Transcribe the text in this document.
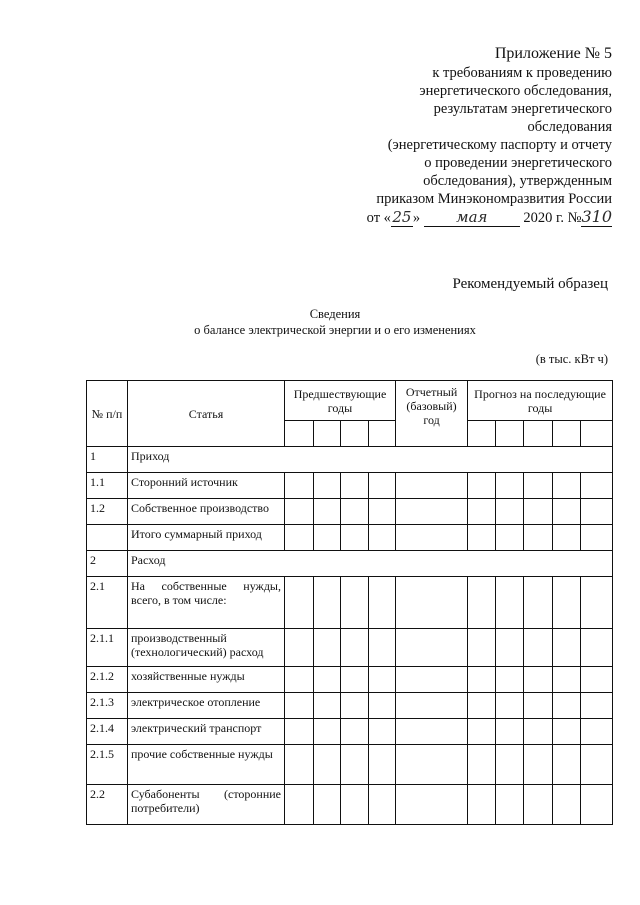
Приложение № 5
к требованиям к проведению
энергетического обследования,
результатам энергетического
обследования
(энергетическому паспорту и отчету
о проведении энергетического
обследования), утвержденным
приказом Минэкономразвития России
от «25» мая 2020 г. №310
Рекомендуемый образец
Сведения
о балансе электрической энергии и о его изменениях
(в тыс. кВт ч)
№ п/п	Статья	Предшествующие годы				Отчетный (базовый) год	Прогноз на последующие годы				

1	Приход										
1.1	Сторонний источник										
1.2	Собственное производство										
	Итого суммарный приход										
2	Расход										
2.1	На собственные нужды, всего, в том числе:										
2.1.1	производственный (технологический) расход										
2.1.2	хозяйственные нужды										
2.1.3	электрическое отопление										
2.1.4	электрический транспорт										
2.1.5	прочие собственные нужды										
2.2	Субабоненты (сторонние потребители)										
